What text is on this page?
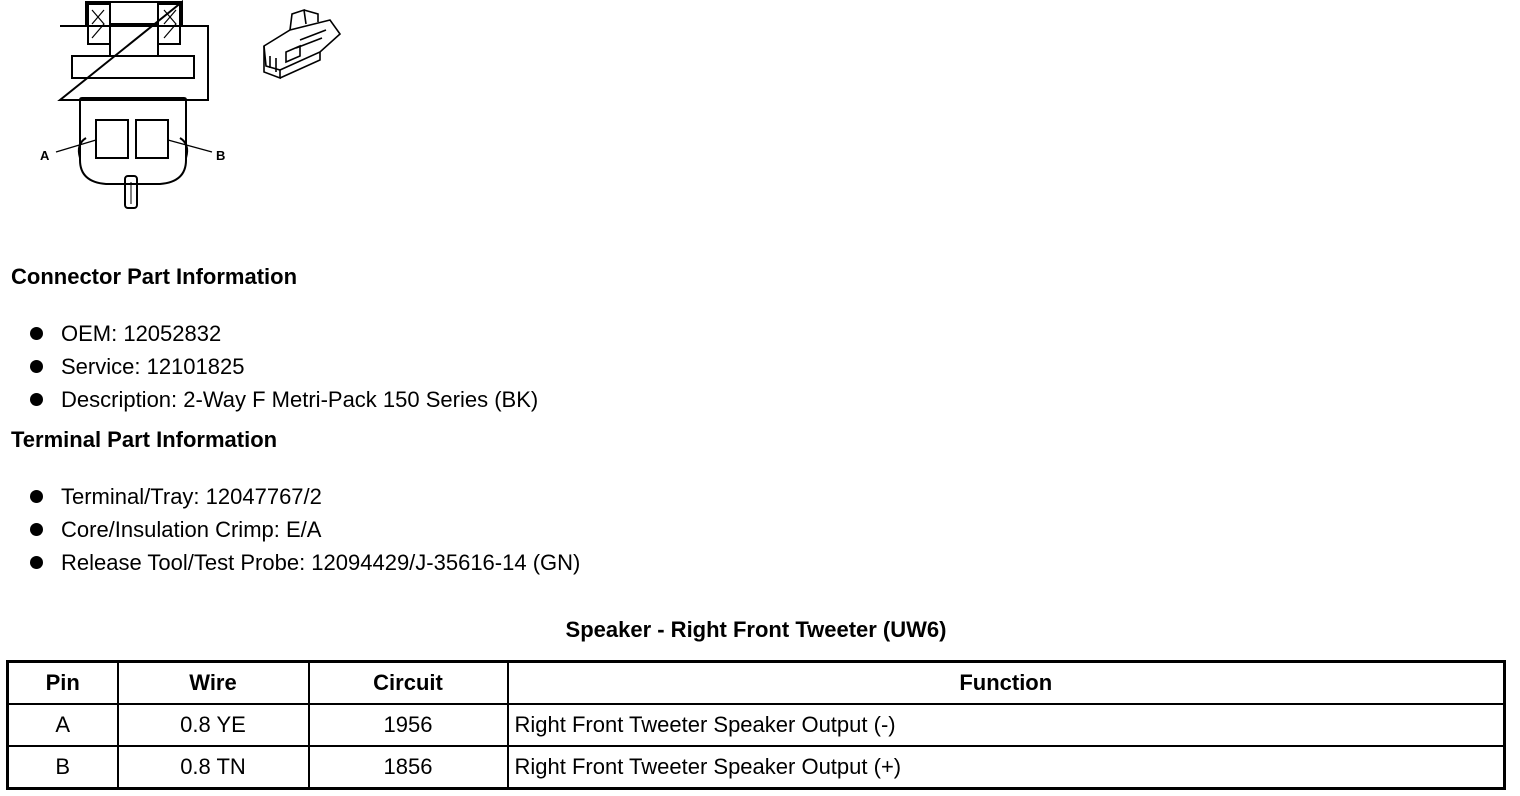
A	B
Connector Part Information
OEM: 12052832
Service: 12101825
Description: 2-Way F Metri-Pack 150 Series (BK)
Terminal Part Information
Terminal/Tray: 12047767/2
Core/Insulation Crimp: E/A
Release Tool/Test Probe: 12094429/J-35616-14 (GN)
Speaker - Right Front Tweeter (UW6)
Pin	Wire	Circuit	Function
A	0.8 YE	1956	Right Front Tweeter Speaker Output (-)
B	0.8 TN	1856	Right Front Tweeter Speaker Output (+)
